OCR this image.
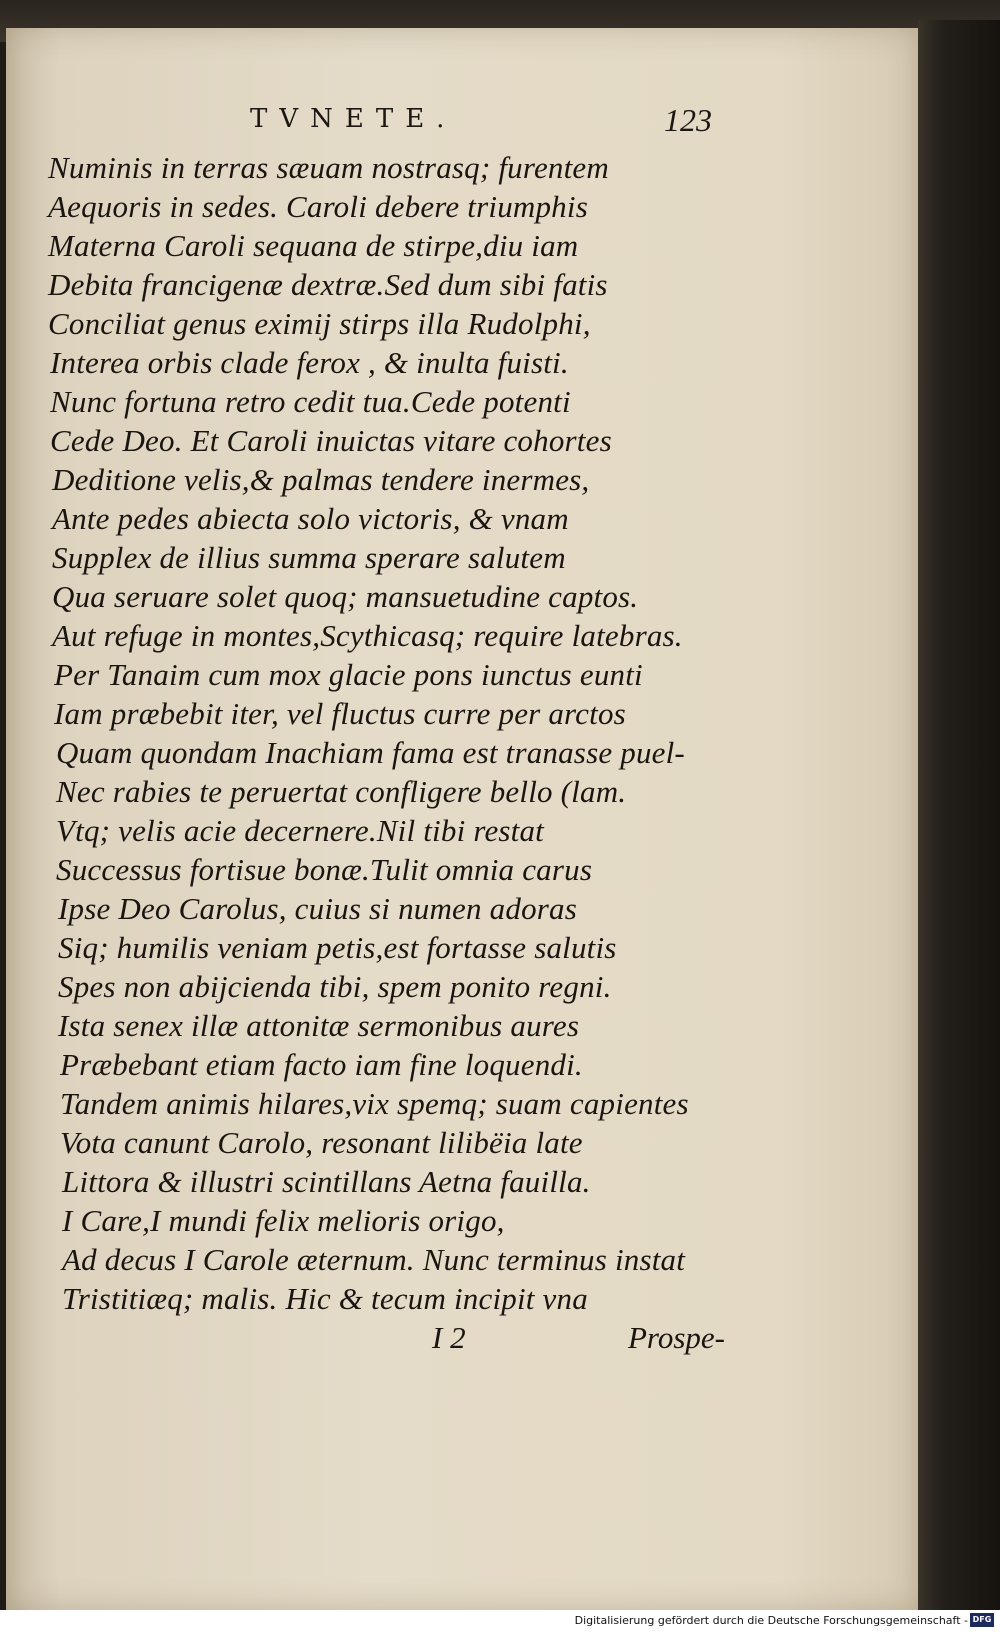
TVNETE.	123
Numinis in terras sæuam nostrasq; furentem
Aequoris in sedes. Caroli debere triumphis
Materna Caroli sequana de stirpe,diu iam
Debita francigenæ dextræ.Sed dum sibi fatis
Conciliat genus eximij stirps illa Rudolphi,
Interea orbis clade ferox , & inulta fuisti.
Nunc fortuna retro cedit tua.Cede potenti
Cede Deo. Et Caroli inuictas vitare cohortes
Deditione velis,& palmas tendere inermes,
Ante pedes abiecta solo victoris, & vnam
Supplex de illius summa sperare salutem
Qua seruare solet quoq; mansuetudine captos.
Aut refuge in montes,Scythicasq; require latebras.
Per Tanaim cum mox glacie pons iunctus eunti
Iam præbebit iter, vel fluctus curre per arctos
Quam quondam Inachiam fama est tranasse puel-
Nec rabies te peruertat confligere bello (lam.
Vtq; velis acie decernere.Nil tibi restat
Successus fortisue bonæ.Tulit omnia carus
Ipse Deo Carolus, cuius si numen adoras
Siq; humilis veniam petis,est fortasse salutis
Spes non abijcienda tibi, spem ponito regni.
Ista senex illæ attonitæ sermonibus aures
Præbebant etiam facto iam fine loquendi.
Tandem animis hilares,vix spemq; suam capientes
Vota canunt Carolo, resonant lilibëia late
Littora & illustri scintillans Aetna fauilla.
I Care,I mundi felix melioris origo,
Ad decus I Carole æternum. Nunc terminus instat
Tristitiæq; malis. Hic & tecum incipit vna
I 2	Prospe-
Digitalisierung gefördert durch die Deutsche Forschungsgemeinschaft - DFG
